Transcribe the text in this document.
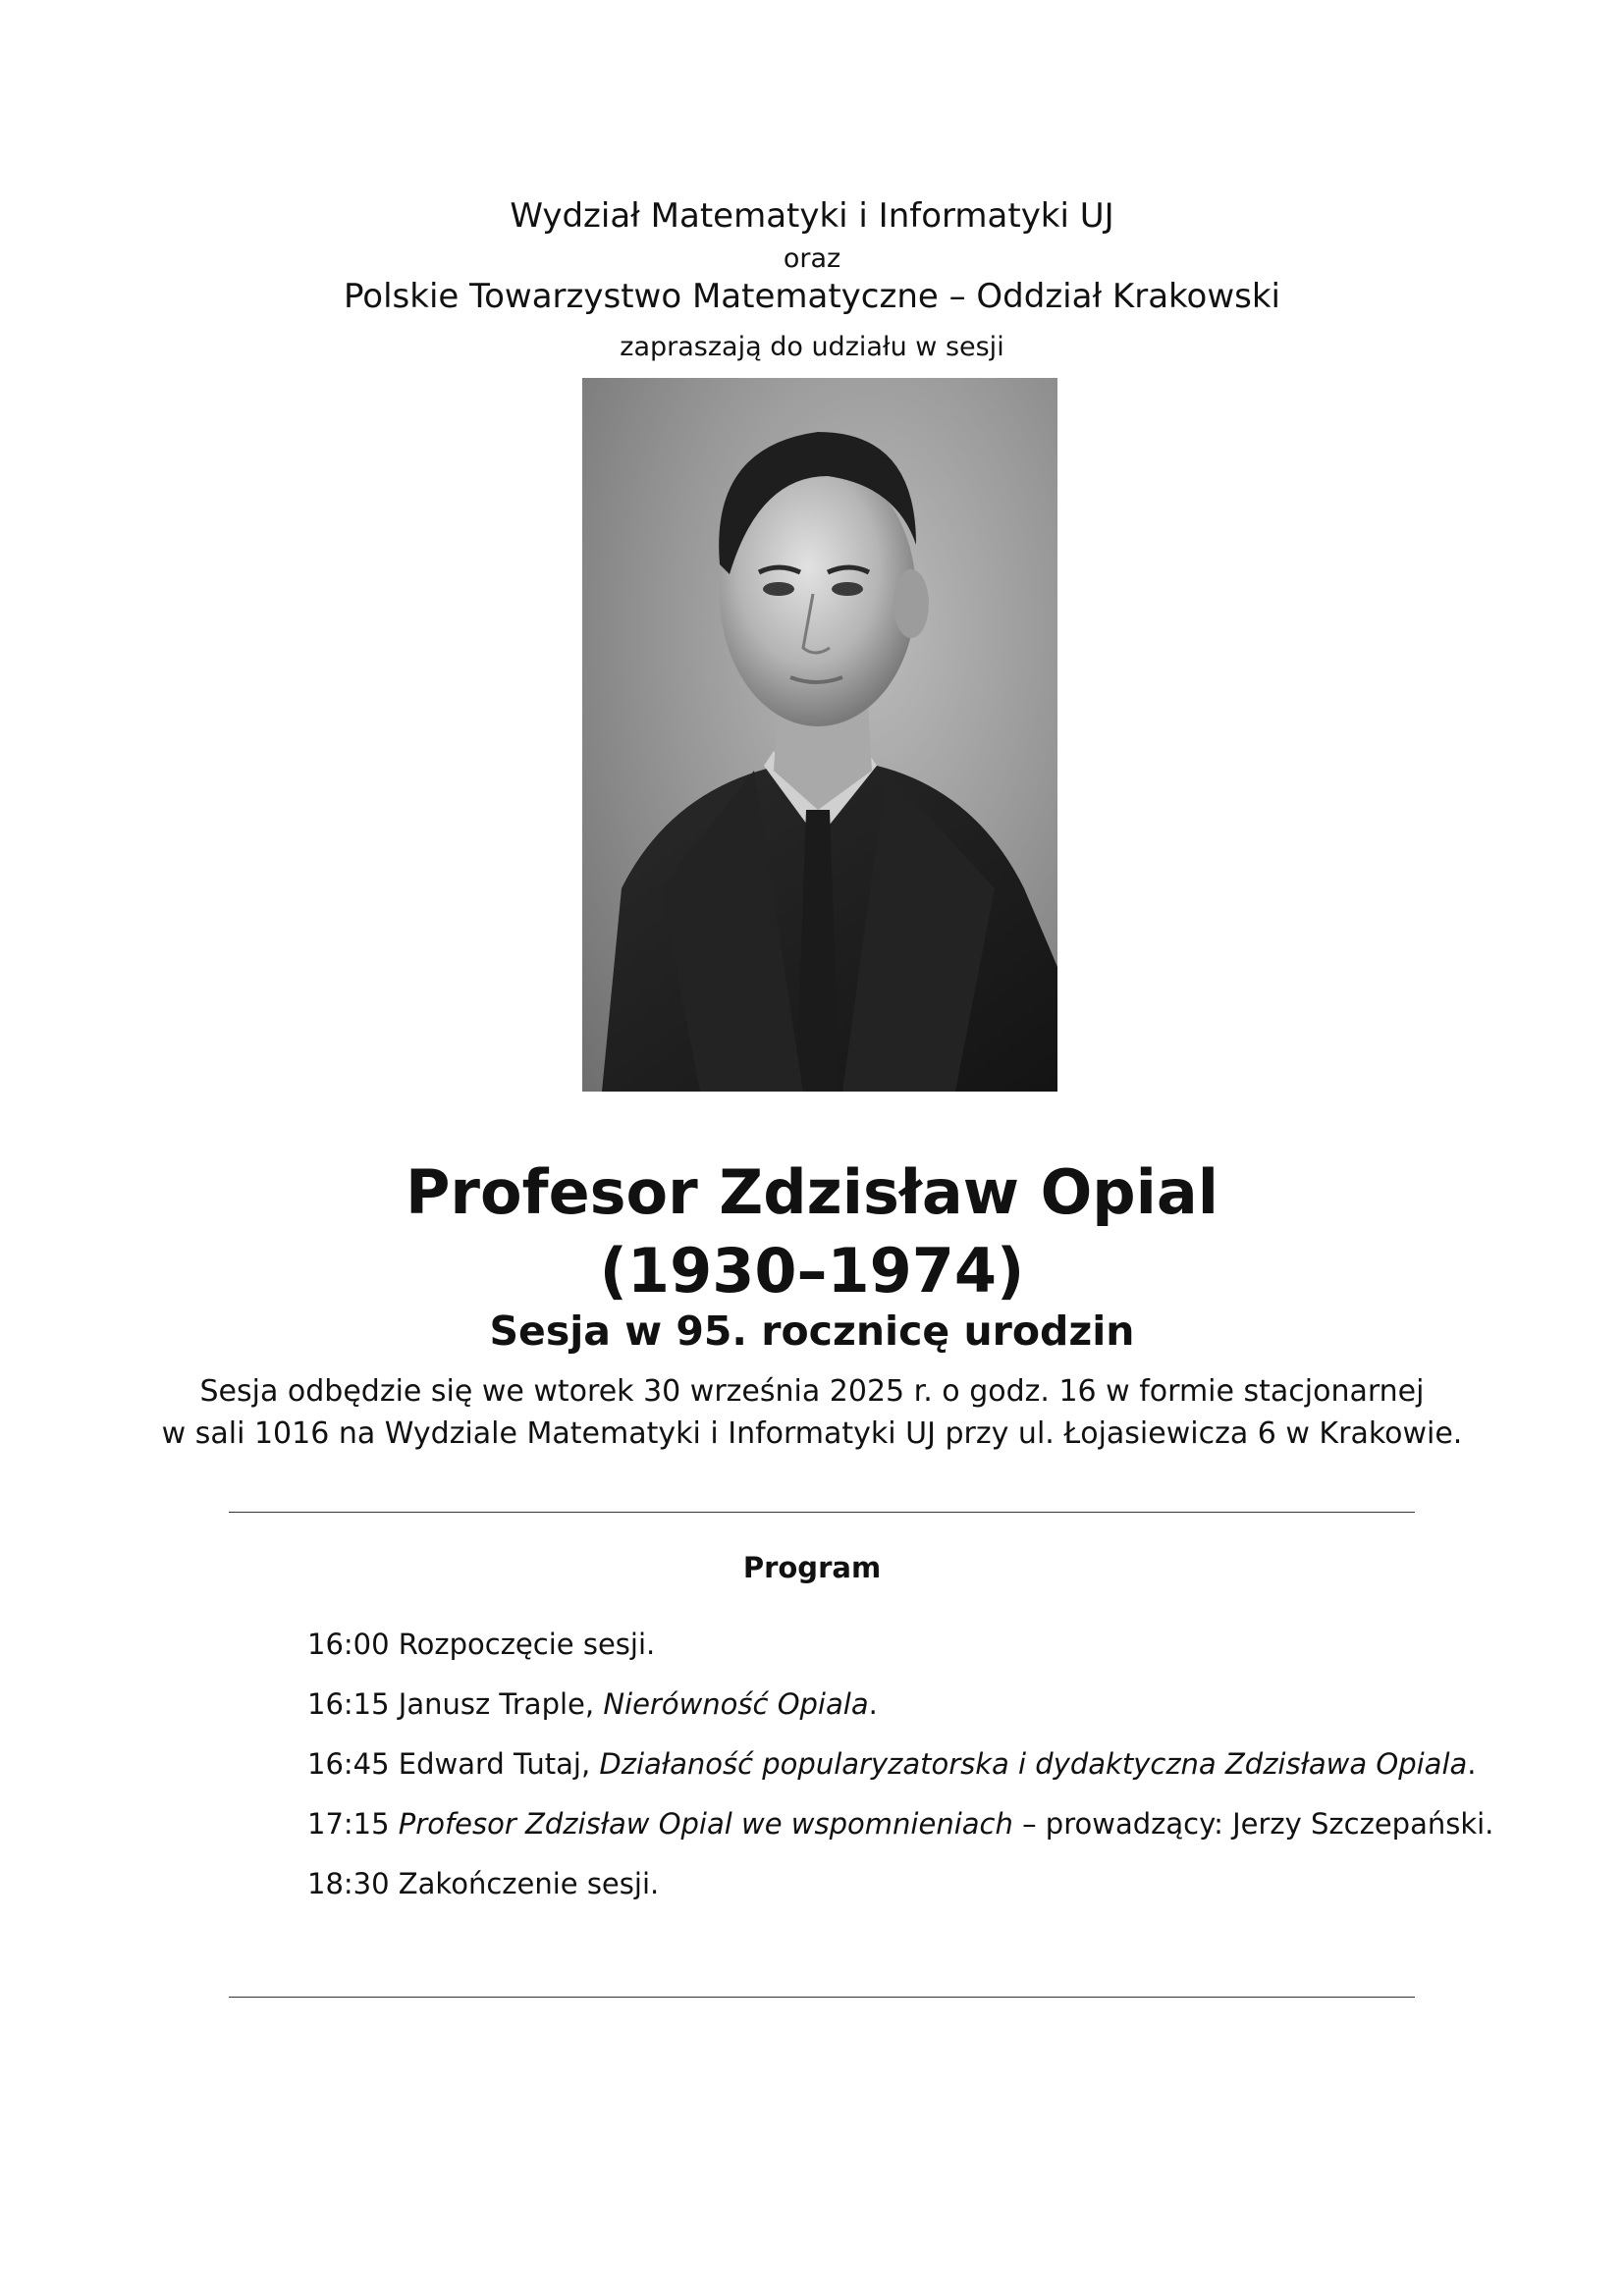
Wydział Matematyki i Informatyki UJ
oraz
Polskie Towarzystwo Matematyczne – Oddział Krakowski
zapraszają do udziału w sesji
Profesor Zdzisław Opial
(1930–1974)
Sesja w 95. rocznicę urodzin
Sesja odbędzie się we wtorek 30 września 2025 r. o godz. 16 w formie stacjonarnej
w sali 1016 na Wydziale Matematyki i Informatyki UJ przy ul. Łojasiewicza 6 w Krakowie.
Program
16:00 Rozpoczęcie sesji.
16:15 Janusz Traple, Nierówność Opiala.
16:45 Edward Tutaj, Działaność popularyzatorska i dydaktyczna Zdzisława Opiala.
17:15 Profesor Zdzisław Opial we wspomnieniach – prowadzący: Jerzy Szczepański.
18:30 Zakończenie sesji.
